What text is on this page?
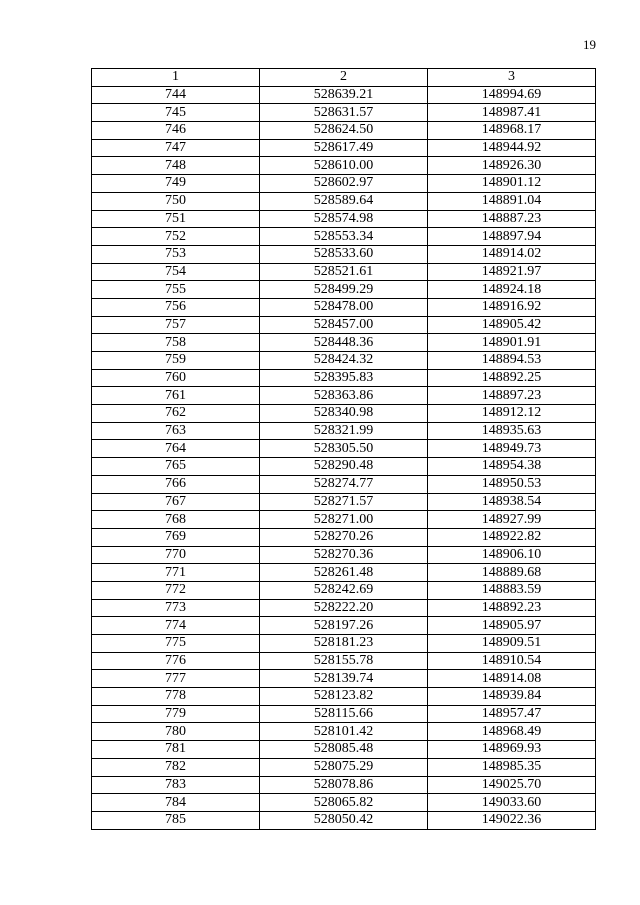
19
1	2	3
744	528639.21	148994.69
745	528631.57	148987.41
746	528624.50	148968.17
747	528617.49	148944.92
748	528610.00	148926.30
749	528602.97	148901.12
750	528589.64	148891.04
751	528574.98	148887.23
752	528553.34	148897.94
753	528533.60	148914.02
754	528521.61	148921.97
755	528499.29	148924.18
756	528478.00	148916.92
757	528457.00	148905.42
758	528448.36	148901.91
759	528424.32	148894.53
760	528395.83	148892.25
761	528363.86	148897.23
762	528340.98	148912.12
763	528321.99	148935.63
764	528305.50	148949.73
765	528290.48	148954.38
766	528274.77	148950.53
767	528271.57	148938.54
768	528271.00	148927.99
769	528270.26	148922.82
770	528270.36	148906.10
771	528261.48	148889.68
772	528242.69	148883.59
773	528222.20	148892.23
774	528197.26	148905.97
775	528181.23	148909.51
776	528155.78	148910.54
777	528139.74	148914.08
778	528123.82	148939.84
779	528115.66	148957.47
780	528101.42	148968.49
781	528085.48	148969.93
782	528075.29	148985.35
783	528078.86	149025.70
784	528065.82	149033.60
785	528050.42	149022.36
